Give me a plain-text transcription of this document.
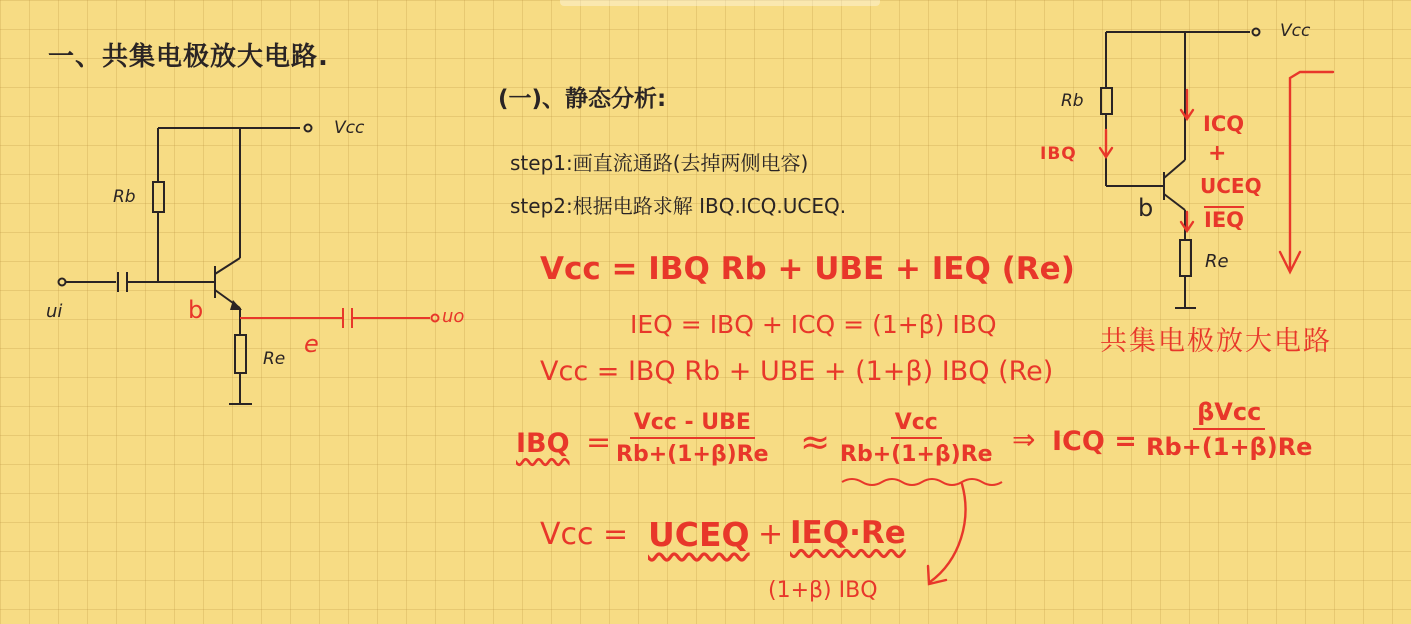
一、共集电极放大电路.
Vcc
Rb
Re
ui	uo
b
e
Vcc
Rb
Re
b
IBQ
ICQ
+
UCEQ
$\overline{IEQ}$
共集电极放大电路
(一)、静态分析:
step1:画直流通路(去掉两侧电容)
step2:根据电路求解 IBQ.ICQ.UCEQ.
Vcc = IBQ Rb + UBE + IEQ (Re)
IEQ = IBQ + ICQ = (1+β) IBQ
Vcc = IBQ Rb + UBE + (1+β) IBQ (Re)
IBQ =
Vcc - UBE
Rb+(1+β)Re ≈	Vcc
Rb+(1+β)Re ⇒ ICQ =
βVcc
Rb+(1+β)Re
Vcc = UCEQ + IEQ·Re
(1+β) IBQ
